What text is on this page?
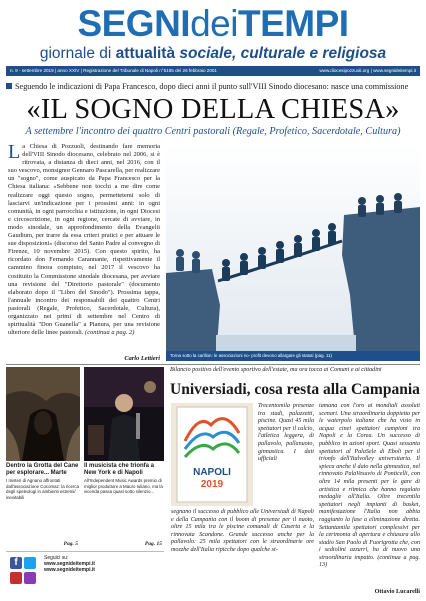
SEGNIdeiTEMPI
giornale di attualità sociale, culturale e religiosa
n. 9 - settembre 2019 | anno XXIV | Registrazione del Tribunale di Napoli n°5185 del 26 febbraio 2001	www.diocesipozzuoli.org | www.segnideitempi.it
Seguendo le indicazioni di Papa Francesco, dopo dieci anni il punto sull'VIII Sinodo diocesano: nasce una commissione
«IL SOGNO DELLA CHIESA»
A settembre l'incontro dei quattro Centri pastorali (Regale, Profetico, Sacerdotale, Cultura)
La Chiesa di Pozzuoli, destinando fare memoria dell'VIII Sinodo diocesano, celebrato nel 2006, si è ritrovata, a distanza di dieci anni, nel 2016, con il suo vescovo, monsignor Gennaro Pascarella, per realizzare un "sogno", come auspicato da Papa Francesco per la Chiesa italiana: «Sebbene non tocchi a me dire come realizzare oggi questo sogno, permettetemi solo di lasciarvi un'indicazione per i prossimi anni: in ogni comunità, in ogni parrocchia e istituzione, in ogni Diocesi e circoscrizione, in ogni regione, cercate di avviare, in modo sinodale, un approfondimento della Evangelii Gaudium, per trarre da essa criteri pratici e per attuare le sue disposizioni» (discorso del Santo Padre al convegno di Firenze, 10 novembre 2015). Con questo spirito, ha ricordato don Fernando Carannante, rispettivamente il cammino finora compiuto, nel 2017 il vescovo ha costituito la Commissione sinodale diocesana, per avviare una revisione del "Direttorio pastorale" (documento elaborato dopo il "Libro del Sinodo"). Prossima tappa, l'annuale incontro dei responsabili dei quattro Centri pastorali (Regale, Profetico, Sacerdotale, Cultura), organizzato nei primi di settembre nel Centro di spiritualità "Don Guanella" a Pianura, per una revisione ulteriore delle linee pastorali. (continua a pag. 2)
Carlo Lettieri	Torna sotto la carillon: le associazioni no- profit devono allargare gli statuti (pag. 11)
Dentro la Grotta del Cane per esplorare... Marte
I misteri di Agnano affrontati dall'associazione Cocomaz: la ricerca degli speleologi in ambienti estremi/ inevitabili
Pag. 5
Il musicista che trionfa a New York e di Napoli
All'Independent Music Awards premio di miglior produttore a Mauro Iuliano, ma la vicenda passa quasi sotto silenzio...
Pag. 15
f	Seguici su:
www.segnideitempi.it
www.segnideitempi.it
Bilancio positivo dell'evento sportivo dell'estate, ma ora tocca ai Comuni e ai cittadini
Universiadi, cosa resta alla Campania
NAPOLI
2019
Trecentomila presenze tra stadi, palazzetti, piscine. Quasi 45 mila spettatori per il calcio, l'atletica leggera, di pallavolo, pallanuoto, ginnastica. I dati ufficiali
segnano il successo di pubblico alle Universiadi di Napoli e della Campania con il boom di presenze per il nuoto, oltre 15 mila tra le piscine comunali di Caserta e la rinnovata Scandone. Grande successo anche per la pallavolo: 25 mila spettatori con le straordinarie ore mozzhe dell'Italia ripicche dopo qualche st-
tamana con l'oro ai mondiali assoluti scenari. Una straordinaria doppietta per le waterpolo italiane che ha visto in acqua cinei spettatori campioni tra Napoli e la Corea. Un successo di pubblico in azioni sport. Quasi sessanta spettatori al PalaSele di Eboli per il trionfo dell'Italvolley universitaria. Il spieca anche il dato nella ginnastica, nel rinnovato PalaVesuvio di Ponticelli, con oltre 14 mila presenti per le gare di artistica e ritmica che hanno regalato medaglie all'Italia. Oltre trecentila spettatori negli impianti di basket, manifestazione l'Italia non abbia raggiunto la fase a eliminazione diretta. Settantamila spettatori complessivi per la cerimonia di apertura e chiusura allo stadio San Paolo di Fuorigrotta che, con i sediolini azzurri, ha di nuovo una straordinaria impatto. (continua a pag. 13)
Ottavio Lucarelli
